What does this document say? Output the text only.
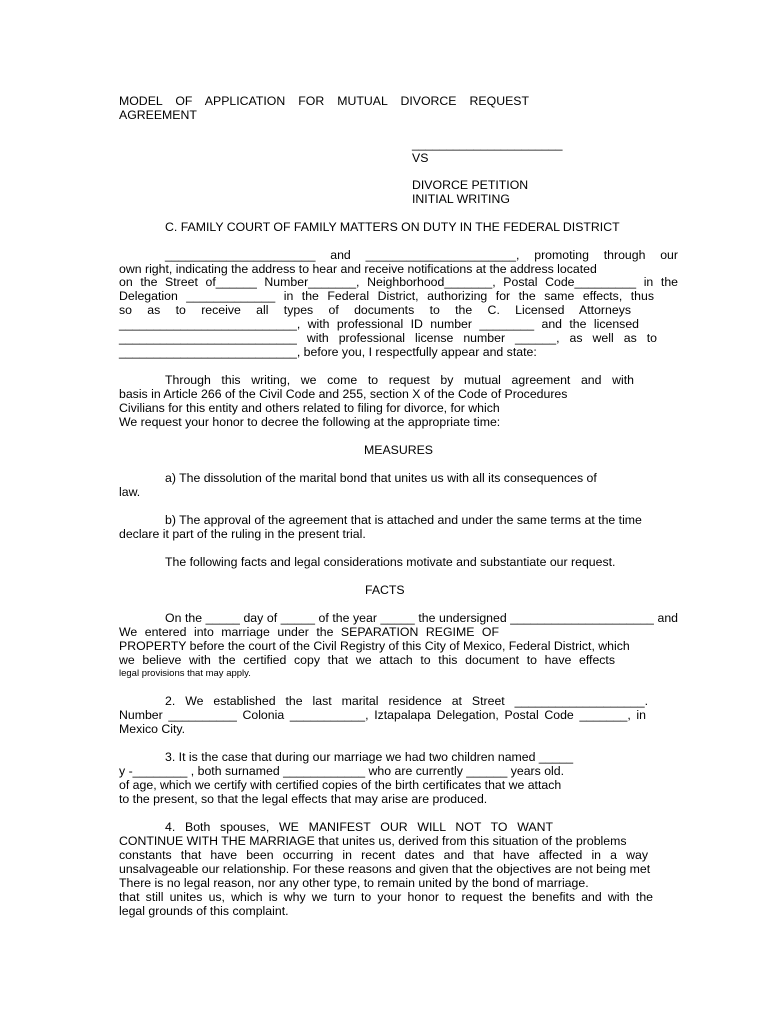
MODEL OF APPLICATION FOR MUTUAL DIVORCE REQUEST
AGREEMENT
______________________
VS
DIVORCE PETITION
INITIAL WRITING
C. FAMILY COURT OF FAMILY MATTERS ON DUTY IN THE FEDERAL DISTRICT
______________________ and ______________________, promoting through our
own right, indicating the address to hear and receive notifications at the address located
on the Street of______ Number_______, Neighborhood_______, Postal Code_________ in the
Delegation _____________ in the Federal District, authorizing for the same effects, thus
so as to receive all types of documents to the C. Licensed Attorneys
__________________________, with professional ID number ________ and the licensed
__________________________ with professional license number ______, as well as to
__________________________, before you, I respectfully appear and state:
Through this writing, we come to request by mutual agreement and with
basis in Article 266 of the Civil Code and 255, section X of the Code of Procedures
Civilians for this entity and others related to filing for divorce, for which
We request your honor to decree the following at the appropriate time:
MEASURES
a) The dissolution of the marital bond that unites us with all its consequences of
law.
b) The approval of the agreement that is attached and under the same terms at the time
declare it part of the ruling in the present trial.
The following facts and legal considerations motivate and substantiate our request.
FACTS
On the _____ day of _____ of the year _____ the undersigned _____________________ and
We entered into marriage under the SEPARATION REGIME OF
PROPERTY before the court of the Civil Registry of this City of Mexico, Federal District, which
we believe with the certified copy that we attach to this document to have effects
legal provisions that may apply.
2. We established the last marital residence at Street ___________________.
Number __________ Colonia ___________, Iztapalapa Delegation, Postal Code _______, in
Mexico City.
3. It is the case that during our marriage we had two children named _____
y -________ , both surnamed ____________ who are currently ______ years old.
of age, which we certify with certified copies of the birth certificates that we attach
to the present, so that the legal effects that may arise are produced.
4. Both spouses, WE MANIFEST OUR WILL NOT TO WANT
CONTINUE WITH THE MARRIAGE that unites us, derived from this situation of the problems
constants that have been occurring in recent dates and that have affected in a way
unsalvageable our relationship. For these reasons and given that the objectives are not being met
There is no legal reason, nor any other type, to remain united by the bond of marriage.
that still unites us, which is why we turn to your honor to request the benefits and with the
legal grounds of this complaint.
